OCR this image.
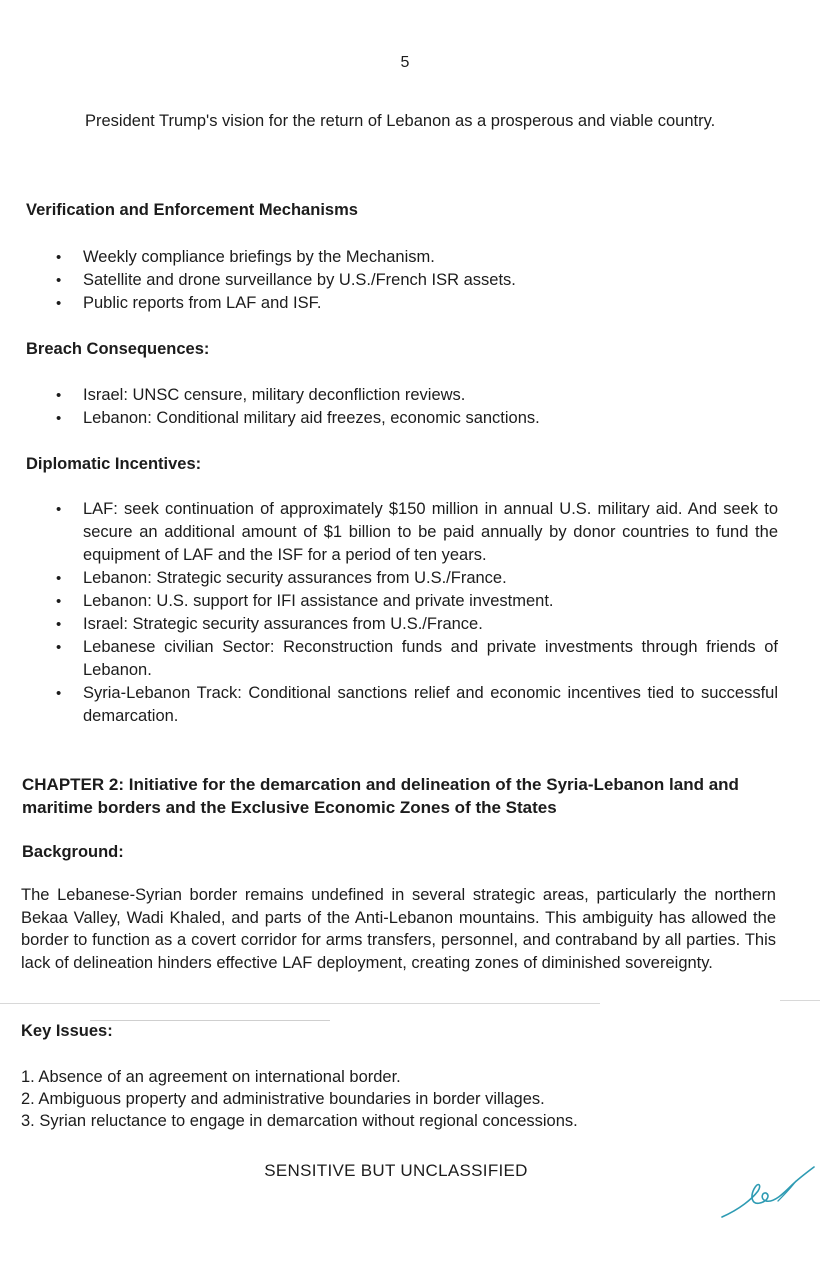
5
President Trump's vision for the return of Lebanon as a prosperous and viable country.
Verification and Enforcement Mechanisms
• Weekly compliance briefings by the Mechanism.
• Satellite and drone surveillance by U.S./French ISR assets.
• Public reports from LAF and ISF.
Breach Consequences:
• Israel: UNSC censure, military deconfliction reviews.
• Lebanon: Conditional military aid freezes, economic sanctions.
Diplomatic Incentives:
• LAF: seek continuation of approximately $150 million in annual U.S. military aid. And seek to secure an additional amount of $1 billion to be paid annually by donor countries to fund the equipment of LAF and the ISF for a period of ten years.
• Lebanon: Strategic security assurances from U.S./France.
• Lebanon: U.S. support for IFI assistance and private investment.
• Israel: Strategic security assurances from U.S./France.
• Lebanese civilian Sector: Reconstruction funds and private investments through friends of Lebanon.
• Syria-Lebanon Track: Conditional sanctions relief and economic incentives tied to successful demarcation.
CHAPTER 2: Initiative for the demarcation and delineation of the Syria-Lebanon land and maritime borders and the Exclusive Economic Zones of the States
Background:
The Lebanese-Syrian border remains undefined in several strategic areas, particularly the northern Bekaa Valley, Wadi Khaled, and parts of the Anti-Lebanon mountains. This ambiguity has allowed the border to function as a covert corridor for arms transfers, personnel, and contraband by all parties. This lack of delineation hinders effective LAF deployment, creating zones of diminished sovereignty.
Key Issues:
1. Absence of an agreement on international border.
2. Ambiguous property and administrative boundaries in border villages.
3. Syrian reluctance to engage in demarcation without regional concessions.
SENSITIVE BUT UNCLASSIFIED
